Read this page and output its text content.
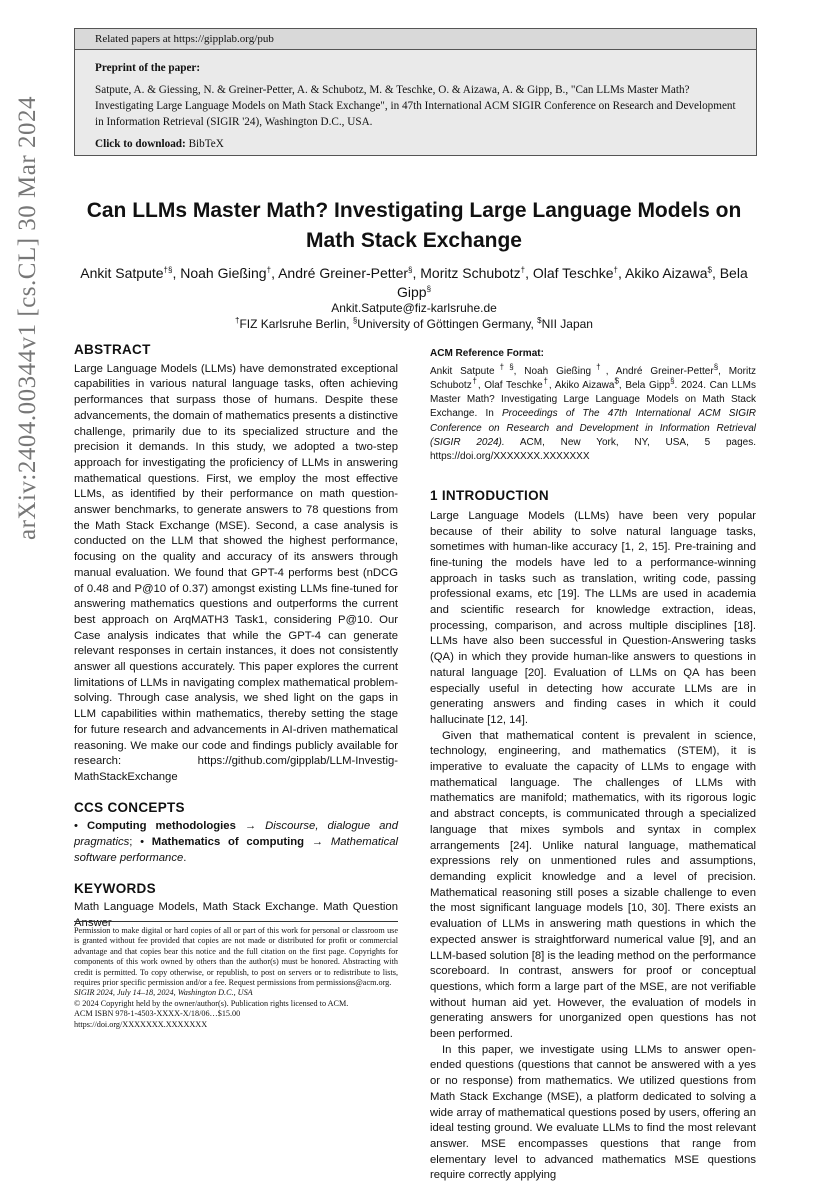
Related papers at https://gipplab.org/pub
Preprint of the paper:
Satpute, A. & Giessing, N. & Greiner-Petter, A. & Schubotz, M. & Teschke, O. & Aizawa, A. & Gipp, B., "Can LLMs Master Math? Investigating Large Language Models on Math Stack Exchange", in 47th International ACM SIGIR Conference on Research and Development in Information Retrieval (SIGIR '24), Washington D.C., USA.
Click to download: BibTeX
arXiv:2404.00344v1 [cs.CL] 30 Mar 2024	Can LLMs Master Math? Investigating Large Language Models on Math Stack Exchange
Ankit Satpute†§, Noah Gießing†, André Greiner-Petter§, Moritz Schubotz†, Olaf Teschke†, Akiko Aizawa$, Bela Gipp§
Ankit.Satpute@fiz-karlsruhe.de
†FIZ Karlsruhe Berlin, §University of Göttingen Germany, $NII Japan
ABSTRACT

Large Language Models (LLMs) have demonstrated exceptional capabilities in various natural language tasks, often achieving performances that surpass those of humans. Despite these advancements, the domain of mathematics presents a distinctive challenge, primarily due to its specialized structure and the precision it demands. In this study, we adopted a two-step approach for investigating the proficiency of LLMs in answering mathematical questions. First, we employ the most effective LLMs, as identified by their performance on math question-answer benchmarks, to generate answers to 78 questions from the Math Stack Exchange (MSE). Second, a case analysis is conducted on the LLM that showed the highest performance, focusing on the quality and accuracy of its answers through manual evaluation. We found that GPT-4 performs best (nDCG of 0.48 and P@10 of 0.37) amongst existing LLMs fine-tuned for answering mathematics questions and outperforms the current best approach on ArqMATH3 Task1, considering P@10. Our Case analysis indicates that while the GPT-4 can generate relevant responses in certain instances, it does not consistently answer all questions accurately. This paper explores the current limitations of LLMs in navigating complex mathematical problem-solving. Through case analysis, we shed light on the gaps in LLM capabilities within mathematics, thereby setting the stage for future research and advancements in AI-driven mathematical reasoning. We make our code and findings publicly available for research: https://github.com/gipplab/LLM-Investig-MathStackExchange

CCS CONCEPTS

• Computing methodologies → Discourse, dialogue and pragmatics; • Mathematics of computing → Mathematical software performance.

KEYWORDS

Math Language Models, Math Stack Exchange. Math Question Answer

Permission to make digital or hard copies of all or part of this work for personal or classroom use is granted without fee provided that copies are not made or distributed for profit or commercial advantage and that copies bear this notice and the full citation on the first page. Copyrights for components of this work owned by others than the author(s) must be honored. Abstracting with credit is permitted. To copy otherwise, or republish, to post on servers or to redistribute to lists, requires prior specific permission and/or a fee. Request permissions from permissions@acm.org.

SIGIR 2024, July 14–18, 2024, Washington D.C., USA

© 2024 Copyright held by the owner/author(s). Publication rights licensed to ACM.

ACM ISBN 978-1-4503-XXXX-X/18/06…$15.00

https://doi.org/XXXXXXX.XXXXXXX

ACM Reference Format:

Ankit Satpute†§, Noah Gießing†, André Greiner-Petter§, Moritz Schubotz†, Olaf Teschke†, Akiko Aizawa$, Bela Gipp§. 2024. Can LLMs Master Math? Investigating Large Language Models on Math Stack Exchange. In Proceedings of The 47th International ACM SIGIR Conference on Research and Development in Information Retrieval (SIGIR 2024). ACM, New York, NY, USA, 5 pages. https://doi.org/XXXXXXX.XXXXXXX

1 INTRODUCTION

Large Language Models (LLMs) have been very popular because of their ability to solve natural language tasks, sometimes with human-like accuracy [1, 2, 15]. Pre-training and fine-tuning the models have led to a performance-winning approach in tasks such as translation, writing code, passing professional exams, etc [19]. The LLMs are used in academia and scientific research for knowledge extraction, ideas, processing, comparison, and across multiple disciplines [18]. LLMs have also been successful in Question-Answering tasks (QA) in which they provide human-like answers to questions in natural language [20]. Evaluation of LLMs on QA has been especially useful in detecting how accurate LLMs are in generating answers and finding cases in which it could hallucinate [12, 14].

Given that mathematical content is prevalent in science, technology, engineering, and mathematics (STEM), it is imperative to evaluate the capacity of LLMs to engage with mathematical language. The challenges of LLMs with mathematics are manifold; mathematics, with its rigorous logic and abstract concepts, is communicated through a specialized language that mixes symbols and syntax in complex arrangements [24]. Unlike natural language, mathematical expressions rely on unmentioned rules and assumptions, demanding explicit knowledge and a level of precision. Mathematical reasoning still poses a sizable challenge to even the most significant language models [10, 30]. There exists an evaluation of LLMs in answering math questions in which the expected answer is straightforward numerical value [9], and an LLM-based solution [8] is the leading method on the performance scoreboard. In contrast, answers for proof or conceptual questions, which form a large part of the MSE, are not verifiable without human aid yet. However, the evaluation of models in generating answers for unorganized open questions has not been performed.

In this paper, we investigate using LLMs to answer open-ended questions (questions that cannot be answered with a yes or no response) from mathematics. We utilized questions from Math Stack Exchange (MSE), a platform dedicated to solving a wide array of mathematical questions posed by users, offering an ideal testing ground. We evaluate LLMs to find the most relevant answer. MSE encompasses questions that range from elementary level to advanced mathematics MSE questions require correctly applying
